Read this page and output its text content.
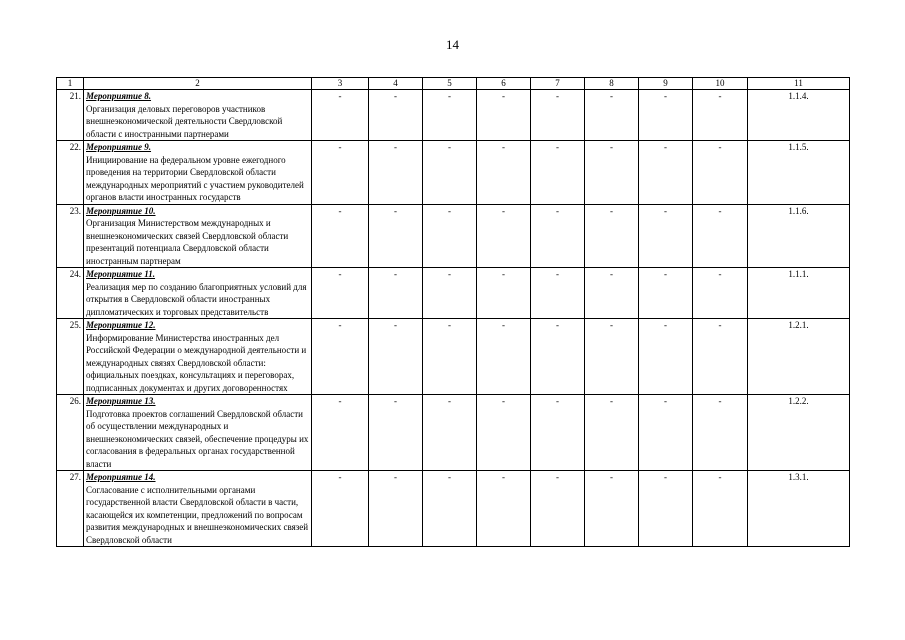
14
1	2	3	4	5	6	7	8	9	10	11
21.	Мероприятие 8.
Организация деловых переговоров участников внешнеэкономической деятельности Свердловской области с иностранными партнерами	-	-	-	-	-	-	-	-	1.1.4.
22.	Мероприятие 9.
Инициирование на федеральном уровне ежегодного проведения на территории Свердловской области международных мероприятий с участием руководителей органов власти иностранных государств	-	-	-	-	-	-	-	-	1.1.5.
23.	Мероприятие 10.
Организация Министерством международных и внешнеэкономических связей Свердловской области презентаций потенциала Свердловской области иностранным партнерам	-	-	-	-	-	-	-	-	1.1.6.
24.	Мероприятие 11.
Реализация мер по созданию благоприятных условий для открытия в Свердловской области иностранных дипломатических и торговых представительств	-	-	-	-	-	-	-	-	1.1.1.
25.	Мероприятие 12.
Информирование Министерства иностранных дел Российской Федерации о международной деятельности и международных связях Свердловской области: официальных поездках, консультациях и переговорах, подписанных документах и других договоренностях	-	-	-	-	-	-	-	-	1.2.1.
26.	Мероприятие 13.
Подготовка проектов соглашений Свердловской области об осуществлении международных и внешнеэкономических связей, обеспечение процедуры их согласования в федеральных органах государственной власти	-	-	-	-	-	-	-	-	1.2.2.
27.	Мероприятие 14.
Согласование с исполнительными органами государственной власти Свердловской области в части, касающейся их компетенции, предложений по вопросам развития международных и внешнеэкономических связей Свердловской области	-	-	-	-	-	-	-	-	1.3.1.
